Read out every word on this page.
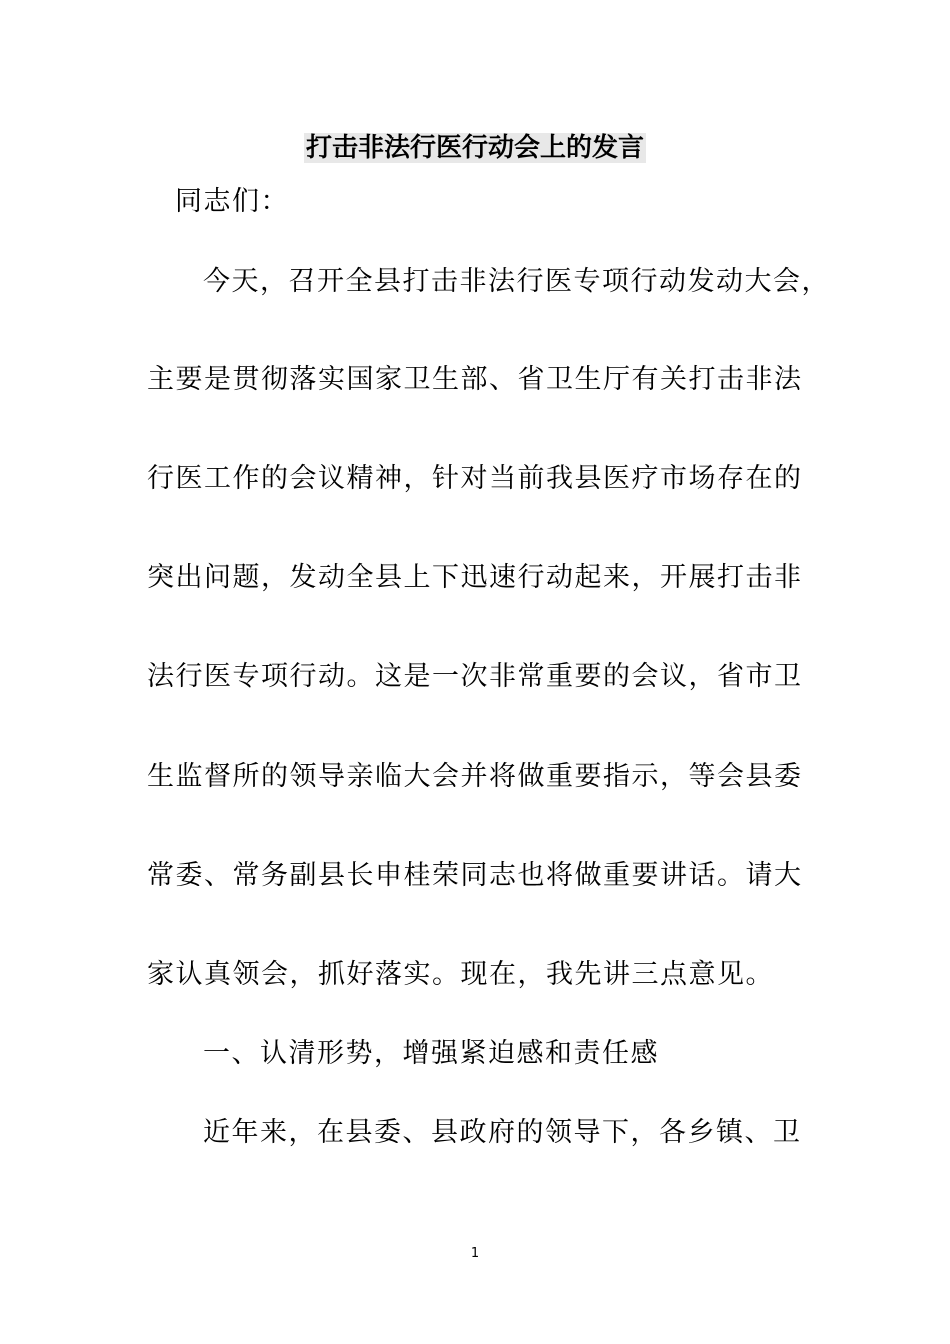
打击非法行医行动会上的发言
同志们：
今天，召开全县打击非法行医专项行动发动大会，
主要是贯彻落实国家卫生部、省卫生厅有关打击非法
行医工作的会议精神，针对当前我县医疗市场存在的
突出问题，发动全县上下迅速行动起来，开展打击非
法行医专项行动。这是一次非常重要的会议，省市卫
生监督所的领导亲临大会并将做重要指示，等会县委
常委、常务副县长申桂荣同志也将做重要讲话。请大
家认真领会，抓好落实。现在，我先讲三点意见。
一、认清形势，增强紧迫感和责任感
近年来，在县委、县政府的领导下，各乡镇、卫
1
